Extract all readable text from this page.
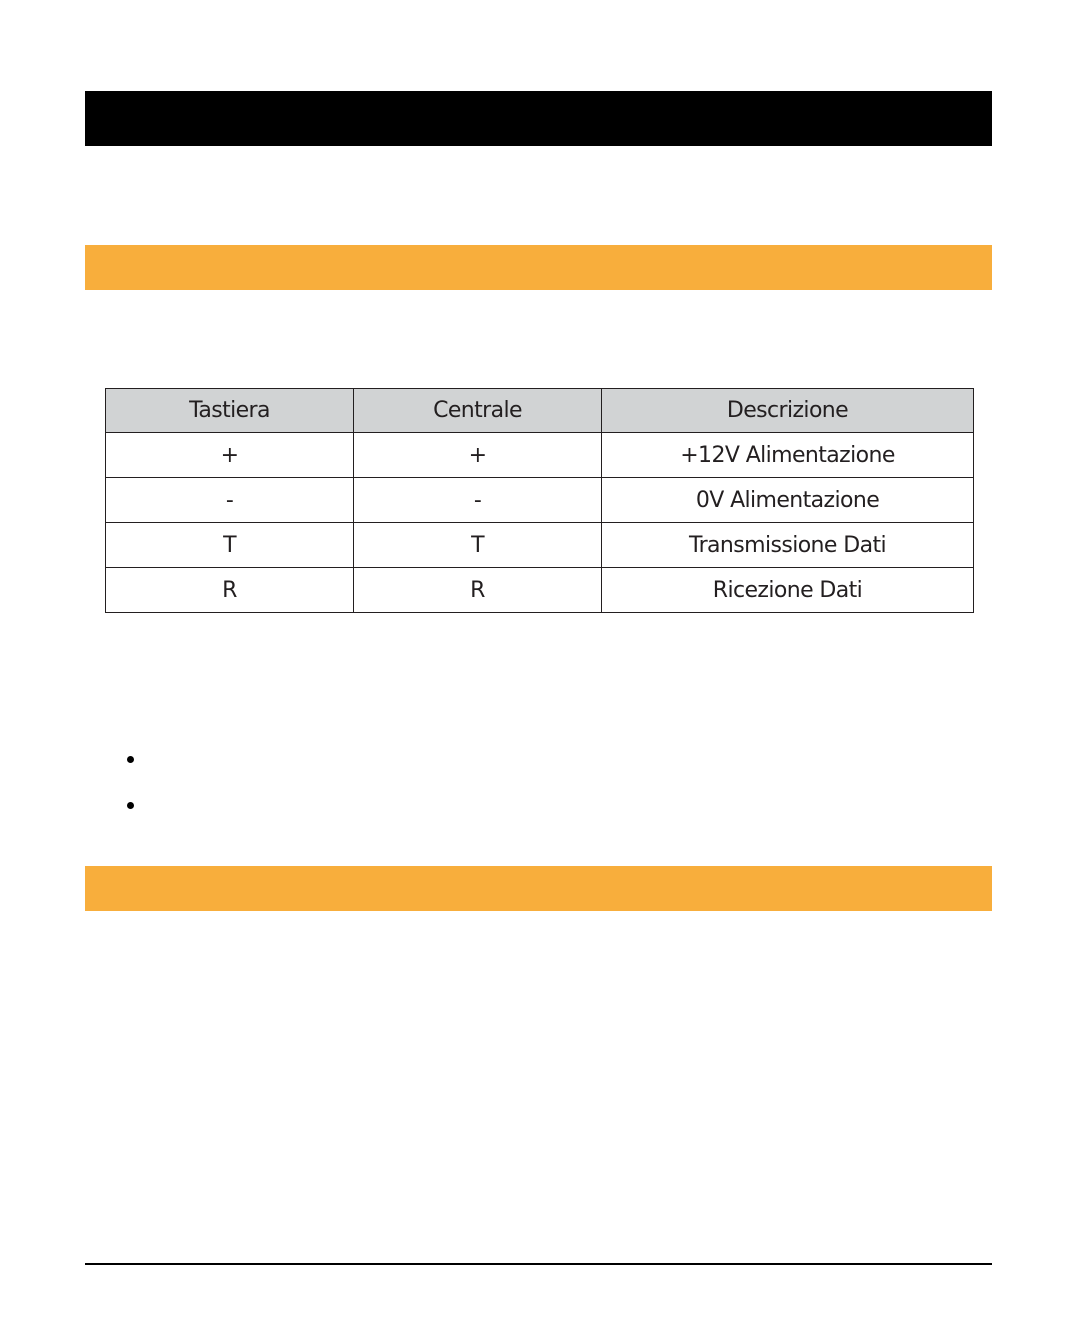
Tastiera	Centrale	Descrizione
+	+	+12V Alimentazione
-	-	0V Alimentazione
T	T	Transmissione Dati
R	R	Ricezione Dati
